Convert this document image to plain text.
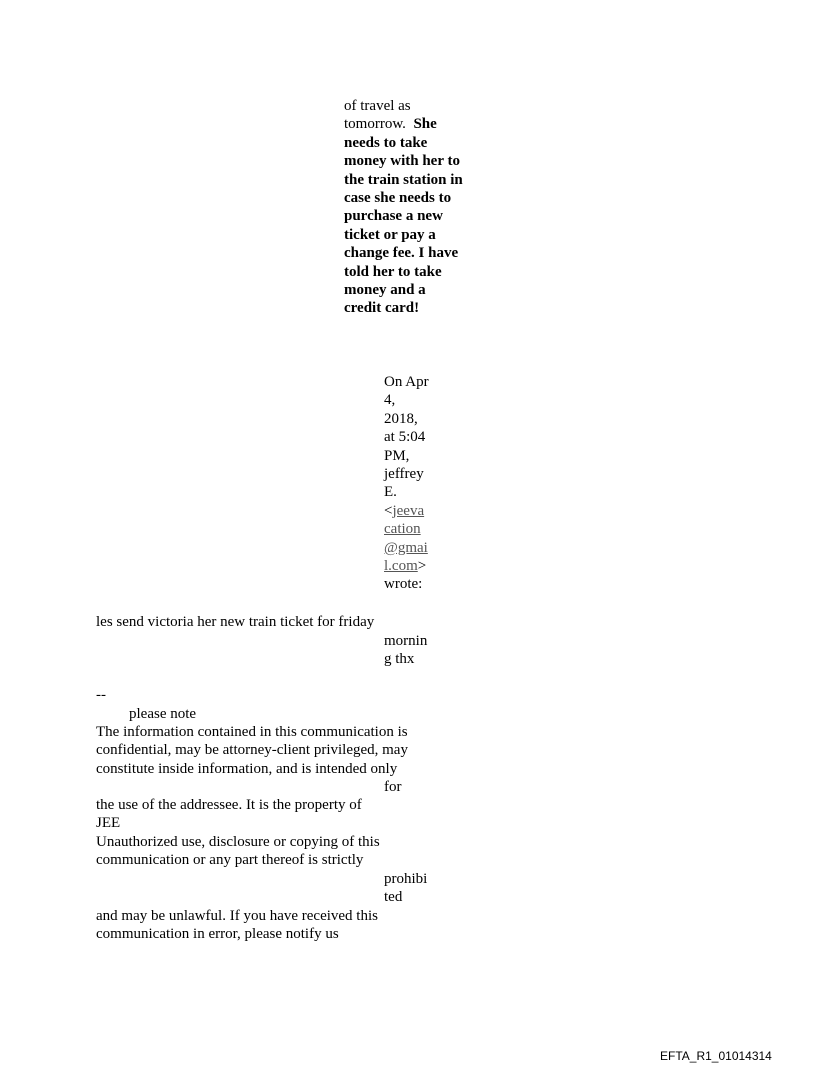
of travel as
tomorrow. She
needs to take
money with her to
the train station in
case she needs to
purchase a new
ticket or pay a
change fee. I have
told her to take
money and a
credit card!
On Apr
4,
2018,
at 5:04
PM,
jeffrey
E.
<jeeva
cation
@gmai
l.com>
wrote:
les send victoria her new train ticket for friday
mornin
g thx
--
please note
The information contained in this communication is
confidential, may be attorney-client privileged, may
constitute inside information, and is intended only
for
the use of the addressee. It is the property of
JEE
Unauthorized use, disclosure or copying of this
communication or any part thereof is strictly
prohibi
ted
and may be unlawful. If you have received this
communication in error, please notify us
EFTA_R1_01014314
